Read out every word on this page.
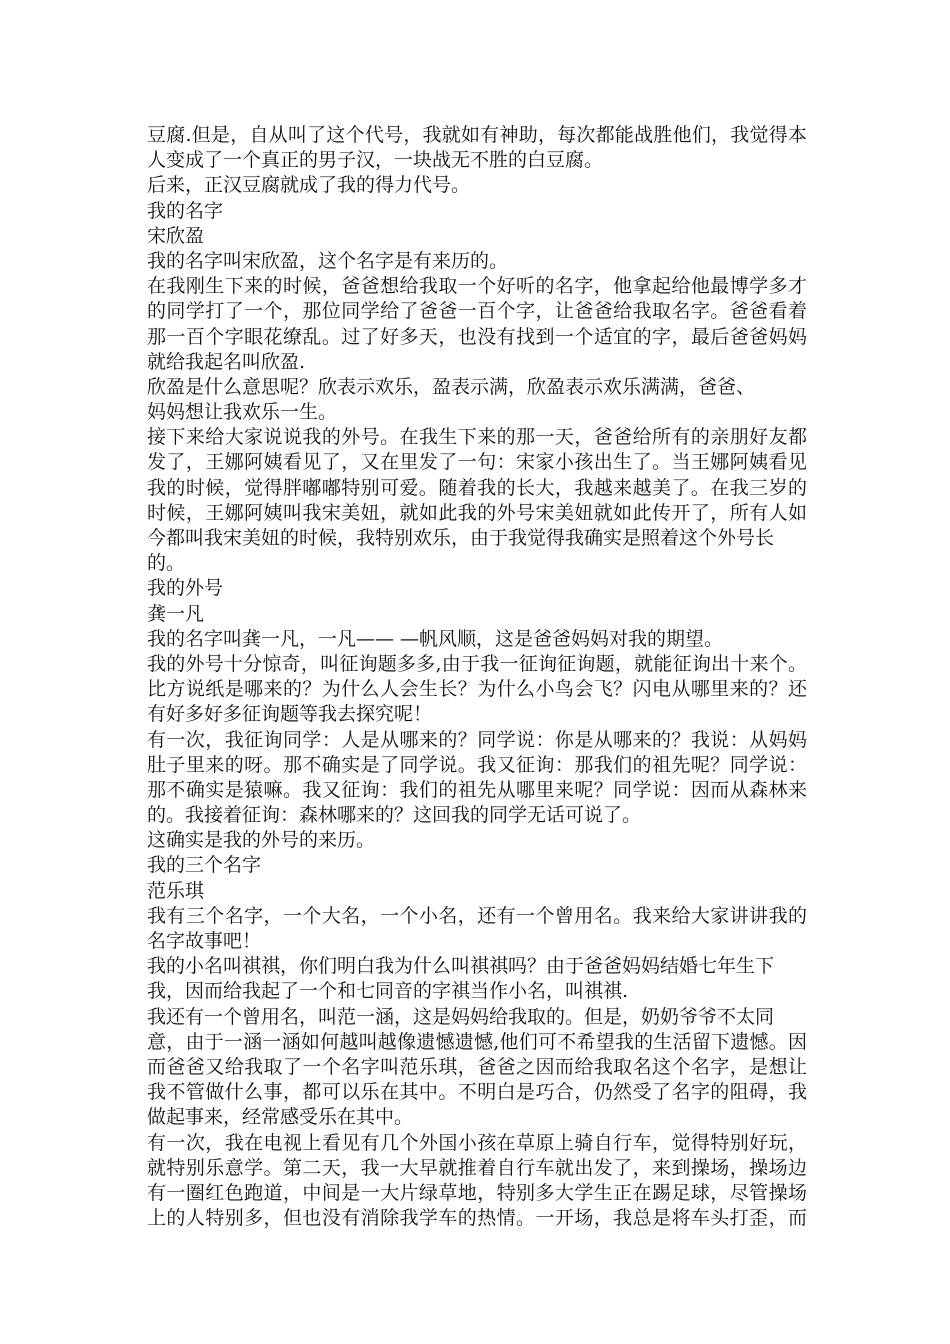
豆腐.但是，自从叫了这个代号，我就如有神助，每次都能战胜他们，我觉得本
人变成了一个真正的男子汉，一块战无不胜的白豆腐。
后来，正汉豆腐就成了我的得力代号。
我的名字
宋欣盈
我的名字叫宋欣盈，这个名字是有来历的。
在我刚生下来的时候，爸爸想给我取一个好听的名字，他拿起给他最博学多才
的同学打了一个，那位同学给了爸爸一百个字，让爸爸给我取名字。爸爸看着
那一百个字眼花缭乱。过了好多天，也没有找到一个适宜的字，最后爸爸妈妈
就给我起名叫欣盈.
欣盈是什么意思呢？欣表示欢乐，盈表示满，欣盈表示欢乐满满，爸爸、
妈妈想让我欢乐一生。
接下来给大家说说我的外号。在我生下来的那一天，爸爸给所有的亲朋好友都
发了，王娜阿姨看见了，又在里发了一句：宋家小孩出生了。当王娜阿姨看见
我的时候，觉得胖嘟嘟特别可爱。随着我的长大，我越来越美了。在我三岁的
时候，王娜阿姨叫我宋美妞，就如此我的外号宋美妞就如此传开了，所有人如
今都叫我宋美妞的时候，我特别欢乐，由于我觉得我确实是照着这个外号长
的。
我的外号
龚一凡
我的名字叫龚一凡，一凡—— —帆风顺，这是爸爸妈妈对我的期望。
我的外号十分惊奇，叫征询题多多,由于我一征询征询题，就能征询出十来个。
比方说纸是哪来的？为什么人会生长？为什么小鸟会飞？闪电从哪里来的？还
有好多好多征询题等我去探究呢！
有一次，我征询同学：人是从哪来的？同学说：你是从哪来的？我说：从妈妈
肚子里来的呀。那不确实是了同学说。我又征询：那我们的祖先呢？同学说：
那不确实是猿嘛。我又征询：我们的祖先从哪里来呢？同学说：因而从森林来
的。我接着征询：森林哪来的？这回我的同学无话可说了。
这确实是我的外号的来历。
我的三个名字
范乐琪
我有三个名字，一个大名，一个小名，还有一个曾用名。我来给大家讲讲我的
名字故事吧！
我的小名叫祺祺，你们明白我为什么叫祺祺吗？由于爸爸妈妈结婚七年生下
我，因而给我起了一个和七同音的字祺当作小名，叫祺祺.
我还有一个曾用名，叫范一涵，这是妈妈给我取的。但是，奶奶爷爷不太同
意，由于一涵一涵如何越叫越像遗憾遗憾,他们可不希望我的生活留下遗憾。因
而爸爸又给我取了一个名字叫范乐琪，爸爸之因而给我取名这个名字，是想让
我不管做什么事，都可以乐在其中。不明白是巧合，仍然受了名字的阻碍，我
做起事来，经常感受乐在其中。
有一次，我在电视上看见有几个外国小孩在草原上骑自行车，觉得特别好玩，
就特别乐意学。第二天，我一大早就推着自行车就出发了，来到操场，操场边
有一圈红色跑道，中间是一大片绿草地，特别多大学生正在踢足球，尽管操场
上的人特别多，但也没有消除我学车的热情。一开场，我总是将车头打歪，而
